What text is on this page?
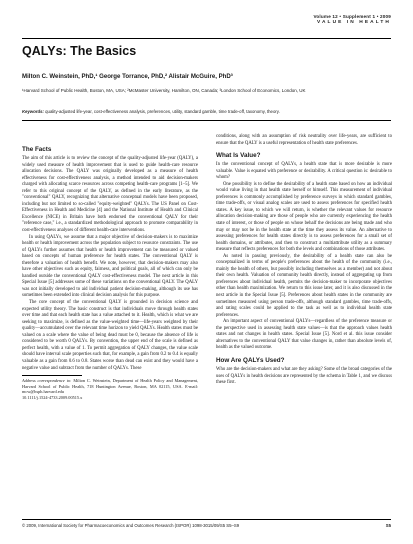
Volume 12 • Supplement 1 • 2009
VALUE IN HEALTH
QALYs: The Basics
Milton C. Weinstein, PhD,¹ George Torrance, PhD,² Alistair McGuire, PhD³
¹Harvard School of Public Health, Boston, MA, USA; ²McMaster University, Hamilton, ON, Canada; ³London School of Economics, London, UK
Keywords: quality-adjusted life-year, cost-effectiveness analysis, preferences, utility, standard gamble, time trade-off, taxonomy, theory.
The Facts

The aim of this article is to review the concept of the quality-adjusted life-year (QALY), a widely used measure of health improvement that is used to guide health-care resource allocation decisions. The QALY was originally developed as a measure of health effectiveness for cost-effectiveness analysis, a method intended to aid decision-makers charged with allocating scarce resources across competing health-care programs [1–5]. We refer to this original concept of the QALY, as defined in the early literature, as the "conventional" QALY, recognizing that alternative conceptual models have been proposed, including but not limited to so-called "equity-weighted" QALYs. The US Panel on Cost-Effectiveness in Health and Medicine [4] and the National Institute of Health and Clinical Excellence (NICE) in Britain have both endorsed the conventional QALY for their "reference case," i.e., a standardized methodological approach to promote comparability in cost-effectiveness analyses of different health-care interventions.

In using QALYs, we assume that a major objective of decision-makers is to maximize health or health improvement across the population subject to resource constraints. The use of QALYs further assumes that health or health improvement can be measured or valued based on concepts of human preference for health states. The conventional QALY is therefore a valuation of health benefit. We note, however, that decision-makers may also have other objectives such as equity, fairness, and political goals, all of which can only be handled outside the conventional QALY cost-effectiveness model. The next article in this Special Issue [5] addresses some of these variations on the conventional QALY. The QALY was not initially developed to aid individual patient decision-making, although its use has sometimes been extended into clinical decision analysis for this purpose.

The core concept of the conventional QALY is grounded in decision science and expected utility theory. The basic construct is that individuals move through health states over time and that each health state has a value attached to it. Health, which is what we are seeking to maximize, is defined as the value-weighted time—life-years weighted by their quality—accumulated over the relevant time horizon to yield QALYs. Health states must be valued on a scale where the value of being dead must be 0, because the absence of life is considered to be worth 0 QALYs. By convention, the upper end of the scale is defined as perfect health, with a value of 1. To permit aggregation of QALY changes, the value scale should have interval scale properties such that, for example, a gain from 0.2 to 0.4 is equally valuable as a gain from 0.6 to 0.8. States worse than dead can exist and they would have a negative value and subtract from the number of QALYs. These

Address correspondence to: Milton C. Weinstein, Department of Health Policy and Management, Harvard School of Public Health, 718 Huntington Avenue, Boston, MA 02115, USA. E-mail: mcw@hsph.harvard.edu

10.1111/j.1524-4733.2009.00515.x

conditions, along with an assumption of risk neutrality over life-years, are sufficient to ensure that the QALY is a useful representation of health state preferences.

What Is Value?

In the conventional concept of QALYs, a health state that is more desirable is more valuable. Value is equated with preference or desirability. A critical question is: desirable to whom?

One possibility is to define the desirability of a health state based on how an individual would value living in that health state herself or himself. This measurement of individual preferences is commonly accomplished by preference surveys in which standard gambles, time trade-offs, or visual analog scales are used to assess preferences for specified health states. A key issue, to which we will return, is whether the relevant values for resource allocation decision-making are those of people who are currently experiencing the health state of interest, or those of people on whose behalf the decisions are being made and who may or may not be in the health state at the time they assess its value. An alternative to assessing preferences for health states directly is to assess preferences for a small set of health domains, or attributes, and then to construct a multiattribute utility as a summary measure that reflects preferences for both the levels and combinations of those attributes.

As noted in passing previously, the desirability of a health state can also be conceptualized in terms of people's preferences about the health of the community (i.e., mainly the health of others, but possibly including themselves as a member) and not about their own health. Valuation of community health directly, instead of aggregating up from preferences about individual health, permits the decision-maker to incorporate objectives other than health maximization. We return to this issue later, and it is also discussed in the next article in the Special Issue [5]. Preferences about health states in the community are sometimes measured using person trade-offs, although standard gambles, time trade-offs, and rating scales could be applied to the task as well as to individual health state preferences.

An important aspect of conventional QALYs—regardless of the preference measure or the perspective used in assessing health state values—is that the approach values health states and not changes in health states. Special Issue [5]. Nord et al. this issue consider alternatives to the conventional QALY that value changes in, rather than absolute levels of, health as the valued outcome.

How Are QALYs Used?

Who are the decision-makers and what are they asking? Some of the broad categories of the uses of QALYs in health decisions are represented by the schema in Table 1, and we discuss these first.

© 2009, International Society for Pharmacoeconomics and Outcomes Research (ISPOR) 1098-3015/09/S5 S5–S9	S5
